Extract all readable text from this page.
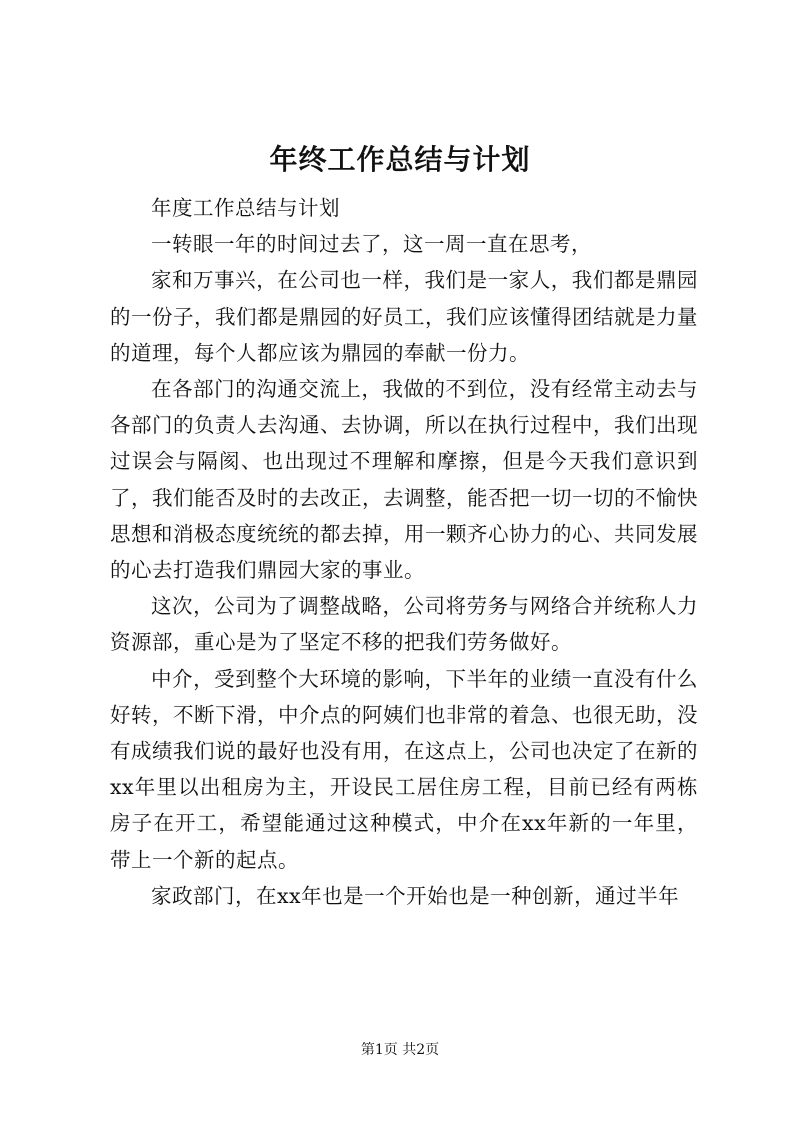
年终工作总结与计划

年度工作总结与计划

一转眼一年的时间过去了，这一周一直在思考，

家和万事兴，在公司也一样，我们是一家人，我们都是鼎园的一份子，我们都是鼎园的好员工，我们应该懂得团结就是力量的道理，每个人都应该为鼎园的奉献一份力。

在各部门的沟通交流上，我做的不到位，没有经常主动去与各部门的负责人去沟通、去协调，所以在执行过程中，我们出现过误会与隔阂、也出现过不理解和摩擦，但是今天我们意识到了，我们能否及时的去改正，去调整，能否把一切一切的不愉快思想和消极态度统统的都去掉，用一颗齐心协力的心、共同发展的心去打造我们鼎园大家的事业。

这次，公司为了调整战略，公司将劳务与网络合并统称人力资源部，重心是为了坚定不移的把我们劳务做好。

中介，受到整个大环境的影响，下半年的业绩一直没有什么好转，不断下滑，中介点的阿姨们也非常的着急、也很无助，没有成绩我们说的最好也没有用，在这点上，公司也决定了在新的xx年里以出租房为主，开设民工居住房工程，目前已经有两栋房子在开工，希望能通过这种模式，中介在xx年新的一年里，带上一个新的起点。

家政部门，在xx年也是一个开始也是一种创新，通过半年

第1页 共2页
